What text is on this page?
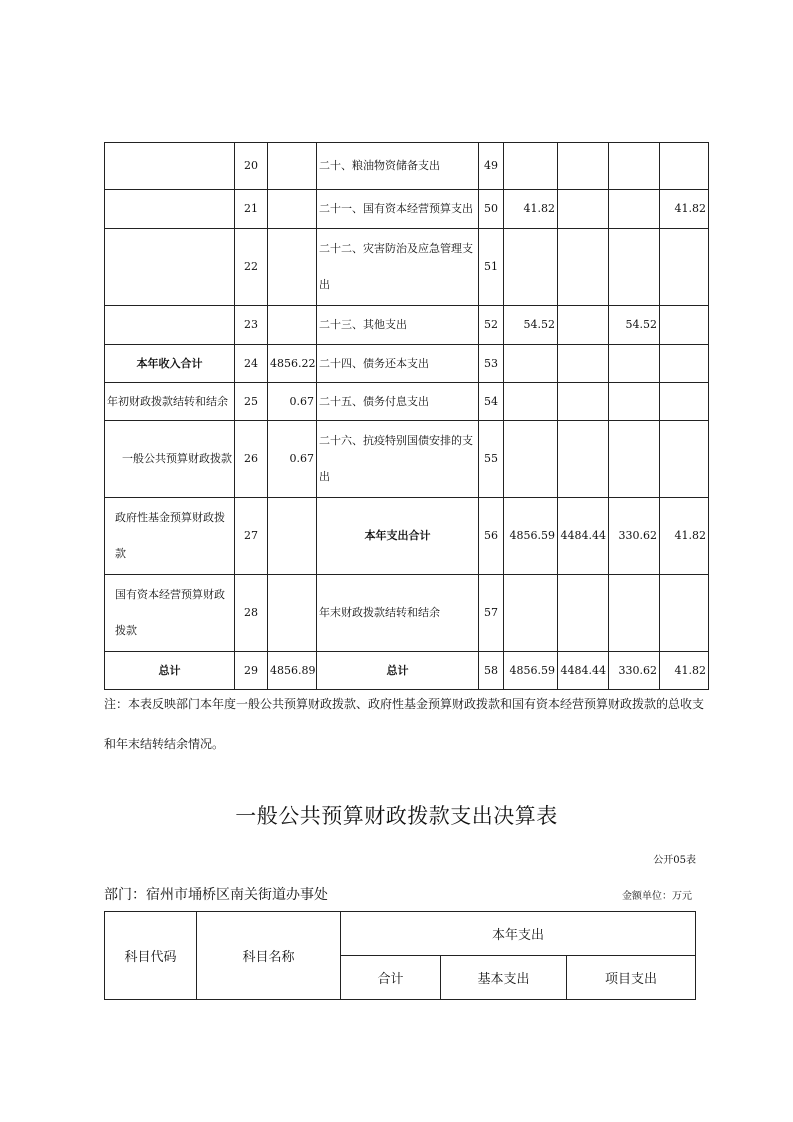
	20		二十、粮油物资储备支出	49				
	21		二十一、国有资本经营预算支出	50	41.82			41.82
	22		二十二、灾害防治及应急管理支出	51				
	23		二十三、其他支出	52	54.52		54.52	
本年收入合计	24	4856.22	二十四、债务还本支出	53				
年初财政拨款结转和结余	25	0.67	二十五、债务付息支出	54				
一般公共预算财政拨款	26	0.67	二十六、抗疫特别国债安排的支出	55				
政府性基金预算财政拨款	27		本年支出合计	56	4856.59	4484.44	330.62	41.82
国有资本经营预算财政拨款	28		年末财政拨款结转和结余	57				
总计	29	4856.89	总计	58	4856.59	4484.44	330.62	41.82
注：本表反映部门本年度一般公共预算财政拨款、政府性基金预算财政拨款和国有资本经营预算财政拨款的总收支和年末结转结余情况。
一般公共预算财政拨款支出决算表
公开05表
部门：宿州市埇桥区南关街道办事处	金额单位：万元
科目代码	科目名称	本年支出		
		合计	基本支出	项目支出
